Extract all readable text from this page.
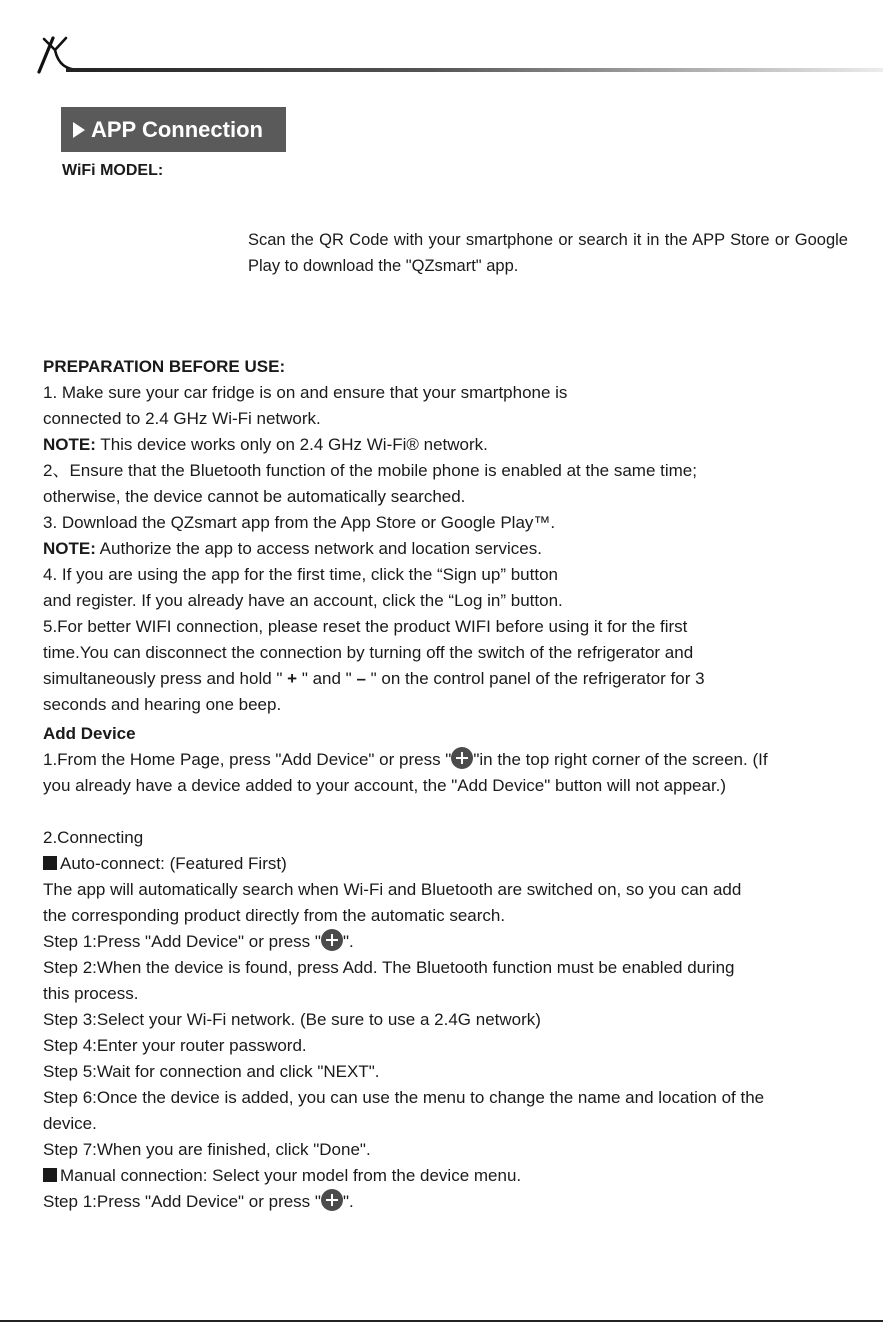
APP Connection
WiFi MODEL:
Scan the QR Code with your smartphone or search it in the APP Store or Google Play to download the "QZsmart" app.
PREPARATION BEFORE USE:
1. Make sure your car fridge is on and ensure that your smartphone is
connected to 2.4 GHz Wi-Fi network.
NOTE: This device works only on 2.4 GHz Wi-Fi® network.
2、Ensure that the Bluetooth function of the mobile phone is enabled at the same time;
otherwise, the device cannot be automatically searched.
3. Download the QZsmart app from the App Store or Google Play™.
NOTE: Authorize the app to access network and location services.
4. If you are using the app for the first time, click the “Sign up” button
and register. If you already have an account, click the “Log in” button.
5.For better WIFI connection, please reset the product WIFI before using it for the first
time.You can disconnect the connection by turning off the switch of the refrigerator and
simultaneously press and hold " + " and " – " on the control panel of the refrigerator for 3
seconds and hearing one beep.
Add Device
1.From the Home Page, press "Add Device" or press " "in the top right corner of the screen. (If
you already have a device added to your account, the "Add Device" button will not appear.)
2.Connecting
Auto-connect: (Featured First)
The app will automatically search when Wi-Fi and Bluetooth are switched on, so you can add
the corresponding product directly from the automatic search.
Step 1:Press "Add Device" or press " ".
Step 2:When the device is found, press Add. The Bluetooth function must be enabled during
this process.
Step 3:Select your Wi-Fi network. (Be sure to use a 2.4G network)
Step 4:Enter your router password.
Step 5:Wait for connection and click "NEXT".
Step 6:Once the device is added, you can use the menu to change the name and location of the
device.
Step 7:When you are finished, click "Done".
Manual connection: Select your model from the device menu.
Step 1:Press "Add Device" or press " ".
